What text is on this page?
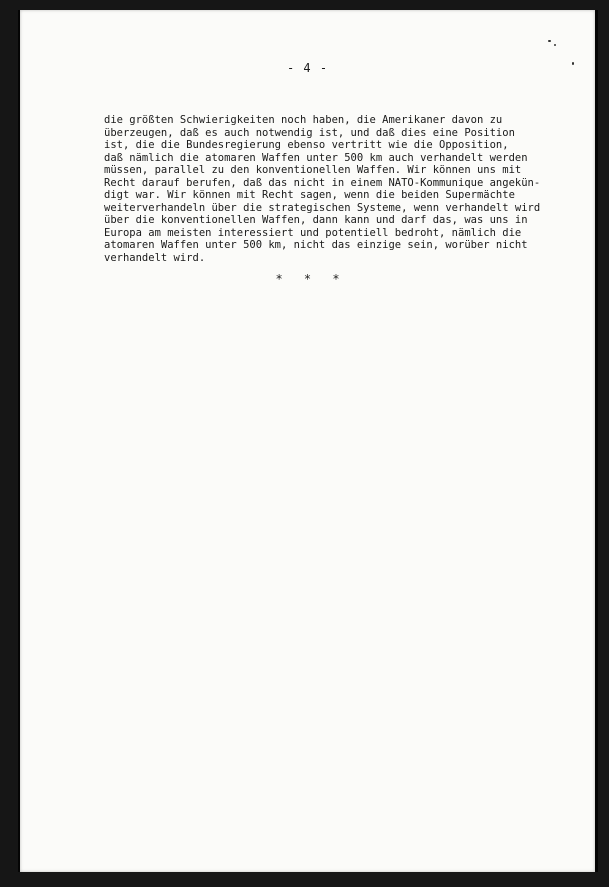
- 4 -
die größten Schwierigkeiten noch haben, die Amerikaner davon zu
überzeugen, daß es auch notwendig ist, und daß dies eine Position
ist, die die Bundesregierung ebenso vertritt wie die Opposition,
daß nämlich die atomaren Waffen unter 500 km auch verhandelt werden
müssen, parallel zu den konventionellen Waffen. Wir können uns mit
Recht darauf berufen, daß das nicht in einem NATO-Kommunique angekün-
digt war. Wir können mit Recht sagen, wenn die beiden Supermächte
weiterverhandeln über die strategischen Systeme, wenn verhandelt wird
über die konventionellen Waffen, dann kann und darf das, was uns in
Europa am meisten interessiert und potentiell bedroht, nämlich die
atomaren Waffen unter 500 km, nicht das einzige sein, worüber nicht
verhandelt wird.
* * *
